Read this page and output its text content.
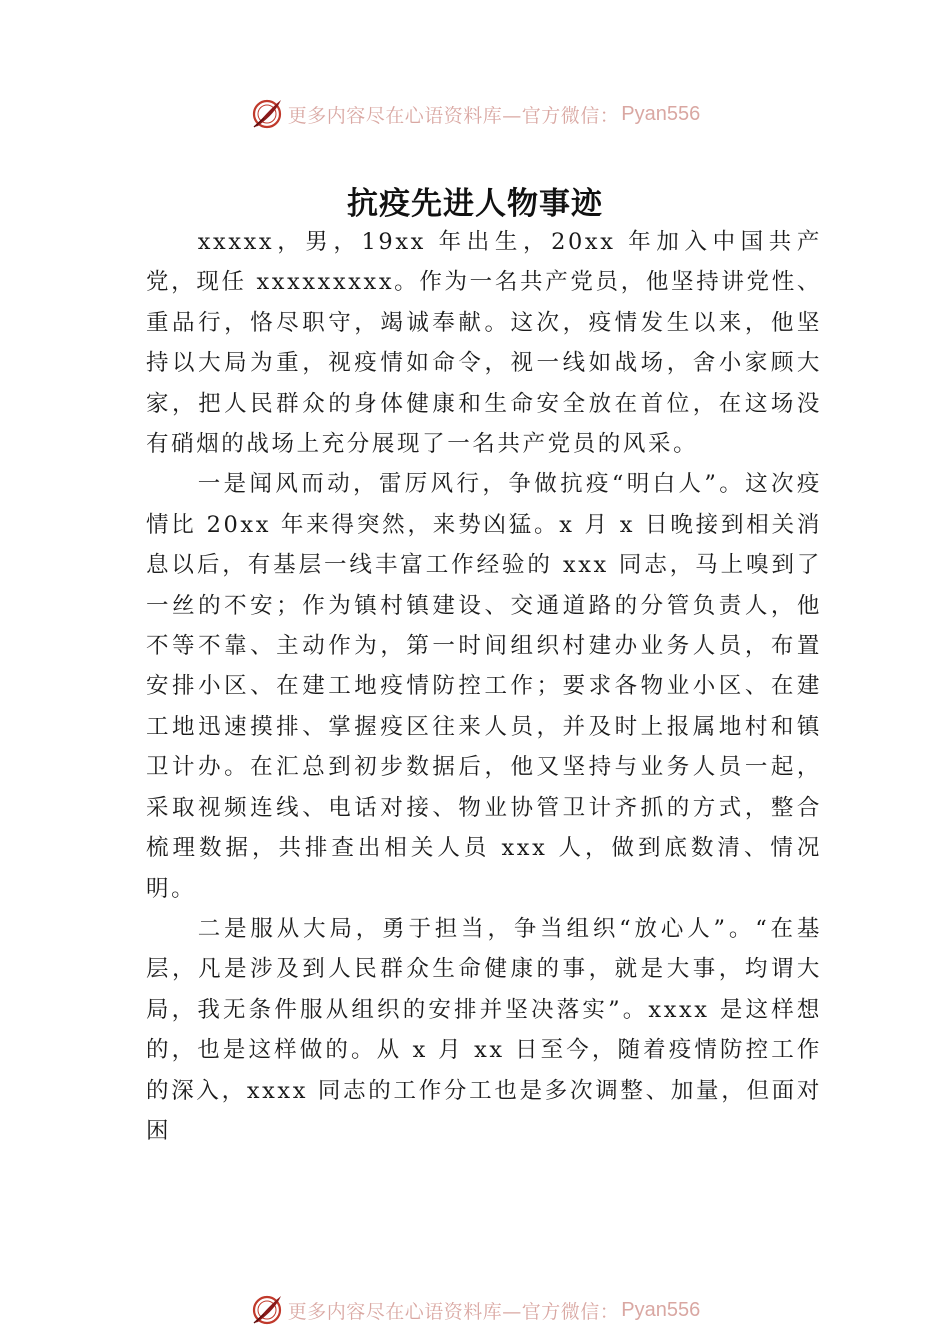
更多内容尽在心语资料库—官方微信： Pyan556
抗疫先进人物事迹

xxxxx，男，19xx 年出生，20xx 年加入中国共产党，现任 xxxxxxxxx。作为一名共产党员，他坚持讲党性、重品行，恪尽职守，竭诚奉献。这次，疫情发生以来，他坚持以大局为重，视疫情如命令，视一线如战场，舍小家顾大家，把人民群众的身体健康和生命安全放在首位，在这场没有硝烟的战场上充分展现了一名共产党员的风采。

一是闻风而动，雷厉风行，争做抗疫“明白人”。这次疫情比 20xx 年来得突然，来势凶猛。x 月 x 日晚接到相关消息以后，有基层一线丰富工作经验的 xxx 同志，马上嗅到了一丝的不安；作为镇村镇建设、交通道路的分管负责人，他不等不靠、主动作为，第一时间组织村建办业务人员，布置安排小区、在建工地疫情防控工作；要求各物业小区、在建工地迅速摸排、掌握疫区往来人员，并及时上报属地村和镇卫计办。在汇总到初步数据后，他又坚持与业务人员一起，采取视频连线、电话对接、物业协管卫计齐抓的方式，整合梳理数据，共排查出相关人员 xxx 人，做到底数清、情况明。

二是服从大局，勇于担当，争当组织“放心人”。“在基层，凡是涉及到人民群众生命健康的事，就是大事，均谓大局，我无条件服从组织的安排并坚决落实”。xxxx 是这样想的，也是这样做的。从 x 月 xx 日至今，随着疫情防控工作的深入，xxxx 同志的工作分工也是多次调整、加量，但面对困

更多内容尽在心语资料库—官方微信： Pyan556
